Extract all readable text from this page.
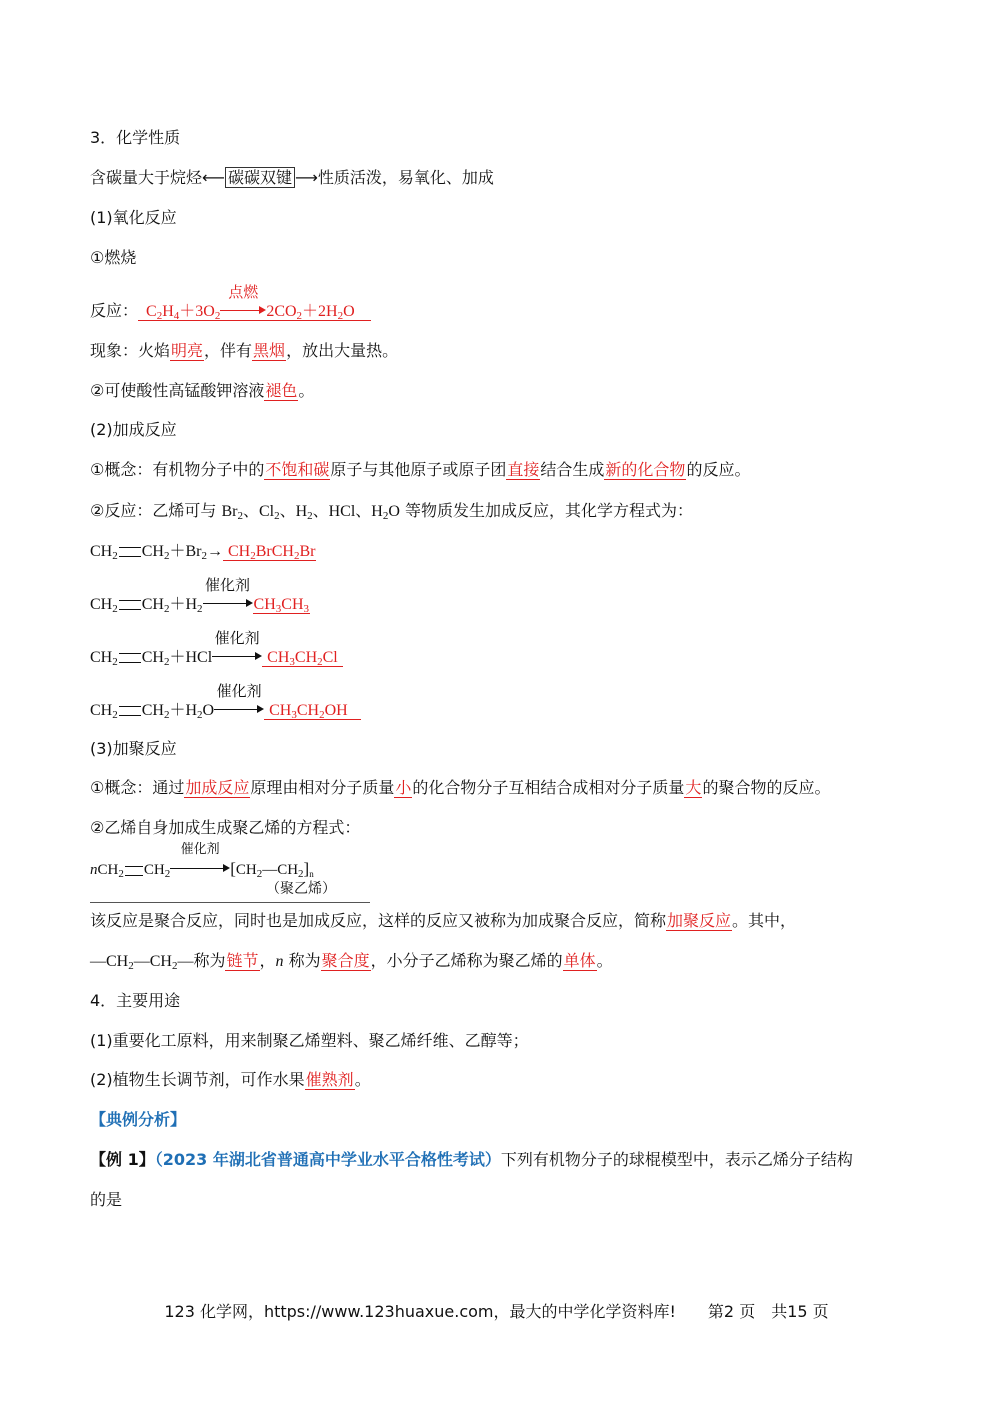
3．化学性质
含碳量大于烷烃⟵ 碳碳双键 ⟶性质活泼，易氧化、加成
(1)氧化反应
①燃烧
反应：  $C_2H_4+3O_2$
点燃
$2CO_2+2H_2O$
现象：火焰明亮，伴有黑烟，放出大量热。
②可使酸性高锰酸钾溶液褪色。
(2)加成反应
①概念：有机物分子中的不饱和碳原子与其他原子或原子团直接结合生成新的化合物的反应。
②反应：乙烯可与 $Br_2$、$Cl_2$、$H_2$、HCl、$H_2O$ 等物质发生加成反应，其化学方程式为：
$CH_2$ $CH_2+Br_2\to$ $CH_2BrCH_2Br$
$CH_2$ $CH_2+H_2$
催化剂
$CH_3CH_3$
$CH_2$ $CH_2+HCl$
催化剂
$CH_3CH_2Cl$
$CH_2$ $CH_2+H_2O$
催化剂
$CH_3CH_2OH$
(3)加聚反应
①概念：通过加成反应原理由相对分子质量小的化合物分子互相结合成相对分子质量大的聚合物的反应。
②乙烯自身加成生成聚乙烯的方程式：
nCH$_2$ $CH_2$
催化剂
$[CH_2—CH_2]_n$
（聚乙烯）
该反应是聚合反应，同时也是加成反应，这样的反应又被称为加成聚合反应，简称加聚反应。其中，
$—CH_2—CH_2—$称为链节，n 称为聚合度，小分子乙烯称为聚乙烯的单体。
4．主要用途
(1)重要化工原料，用来制聚乙烯塑料、聚乙烯纤维、乙醇等；
(2)植物生长调节剂，可作水果催熟剂。
【典例分析】
【例 1】（2023 年湖北省普通高中学业水平合格性考试）下列有机物分子的球棍模型中，表示乙烯分子结构
的是
123 化学网，https://www.123huaxue.com，最大的中学化学资料库!　　第2 页　共15 页
